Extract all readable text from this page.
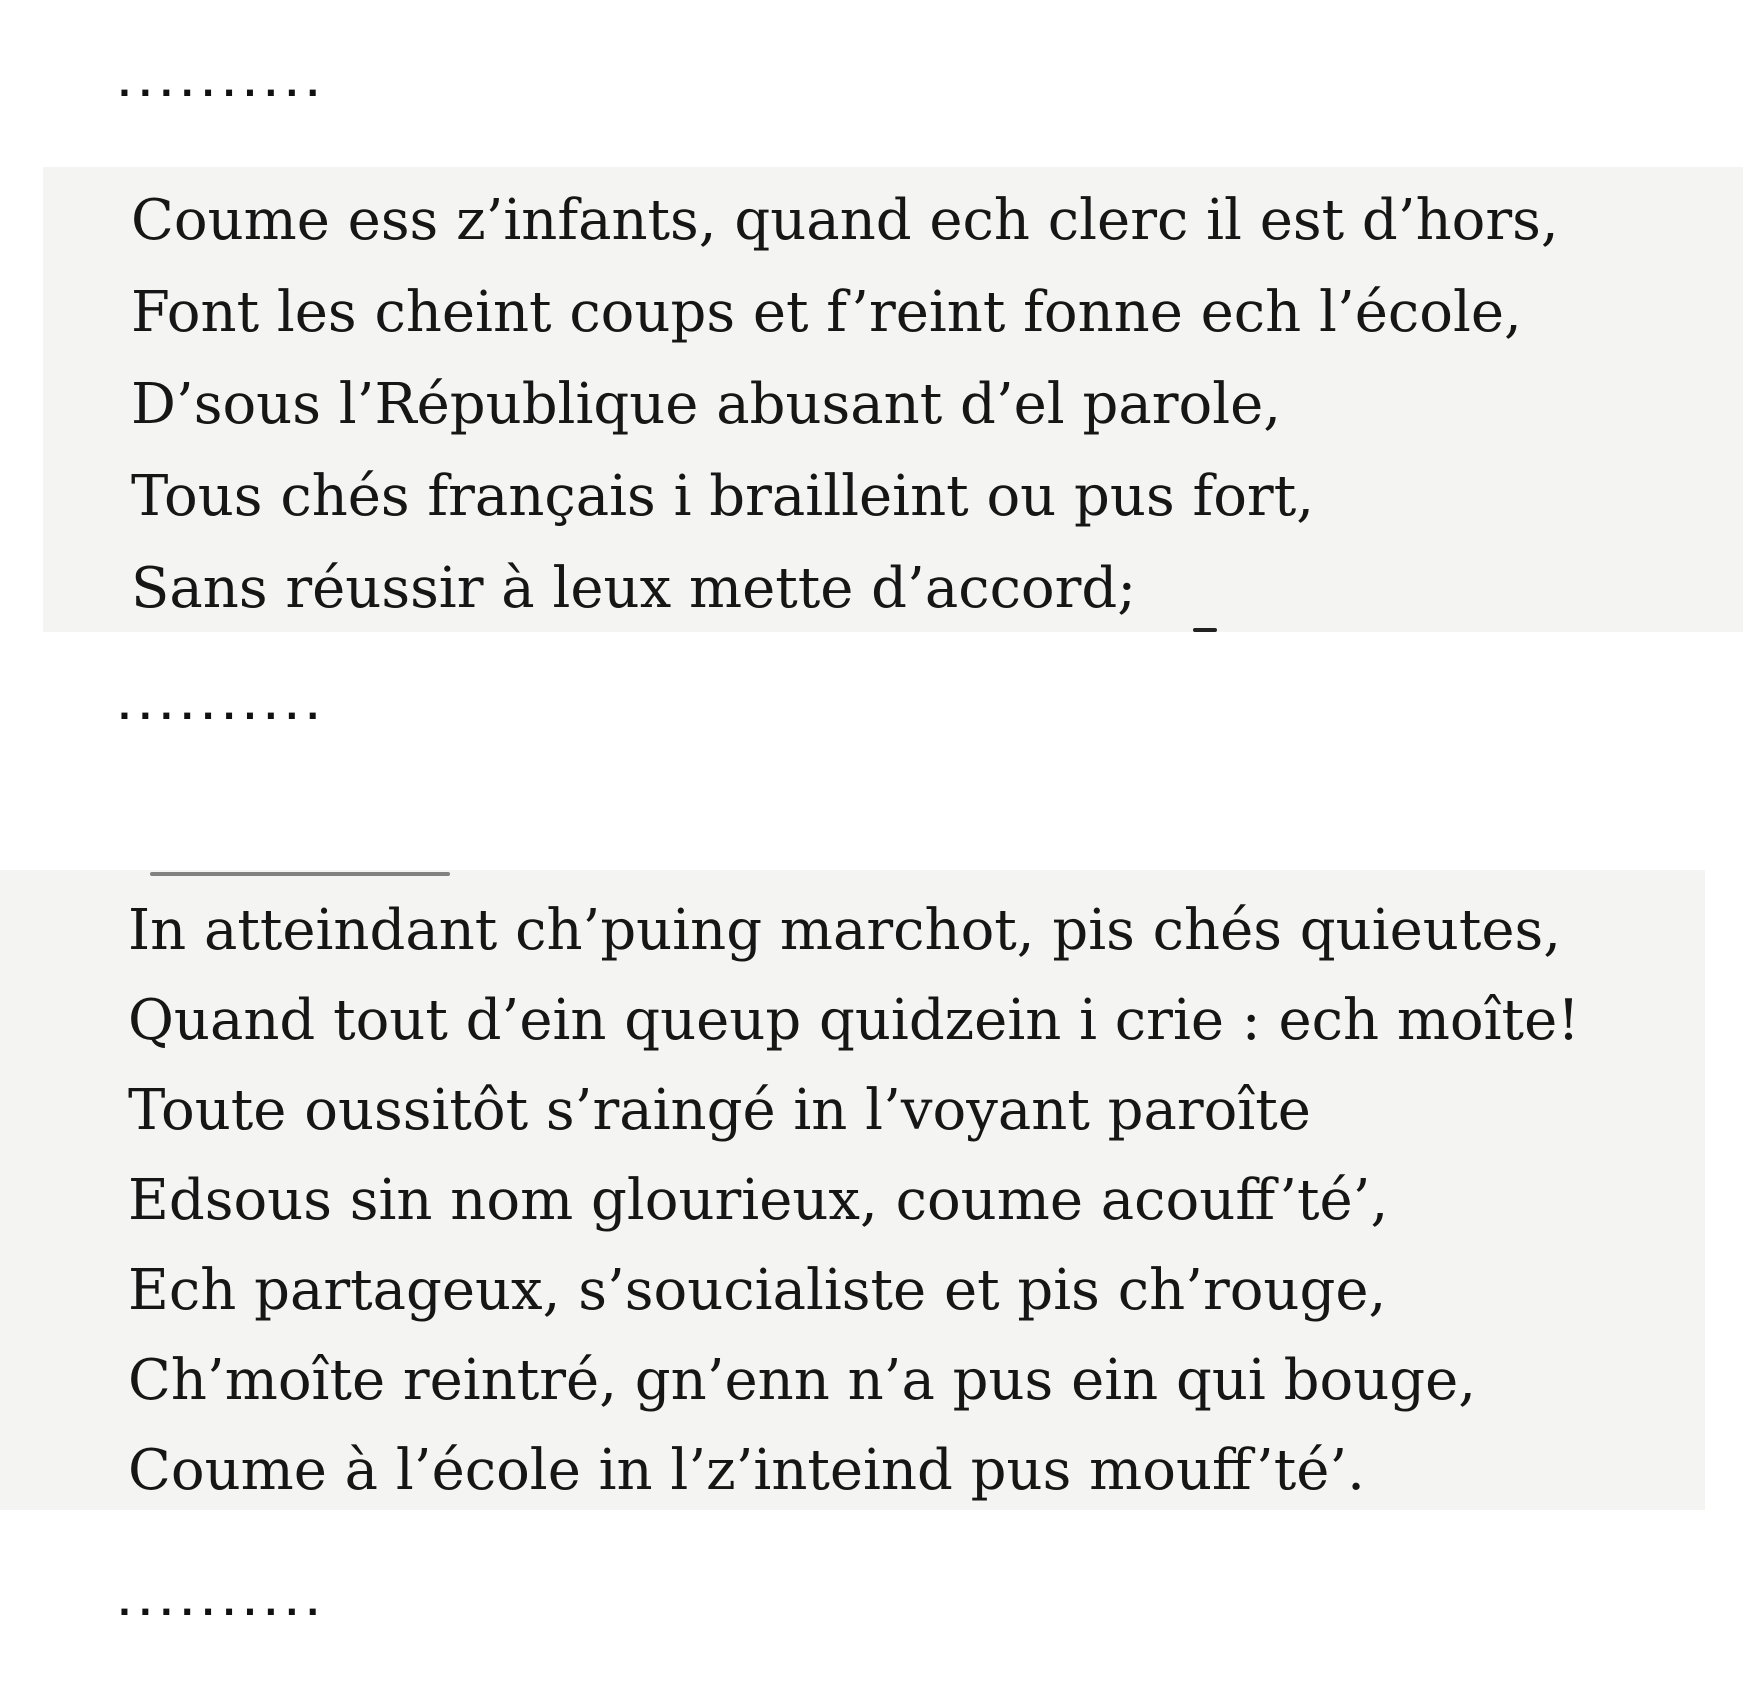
..........
Coume ess z’infants, quand ech clerc il est d’hors,
Font les cheint coups et f’reint fonne ech l’école,
D’sous l’République abusant d’el parole,
Tous chés français i brailleint ou pus fort,
Sans réussir à leux mette d’accord;
..........
In atteindant ch’puing marchot, pis chés quieutes,
Quand tout d’ein queup quidzein i crie : ech moîte!
Toute oussitôt s’raingé in l’voyant paroîte
Edsous sin nom glourieux, coume acouff’té’,
Ech partageux, s’soucialiste et pis ch’rouge,
Ch’moîte reintré, gn’enn n’a pus ein qui bouge,
Coume à l’école in l’z’inteind pus mouff’té’.
..........
